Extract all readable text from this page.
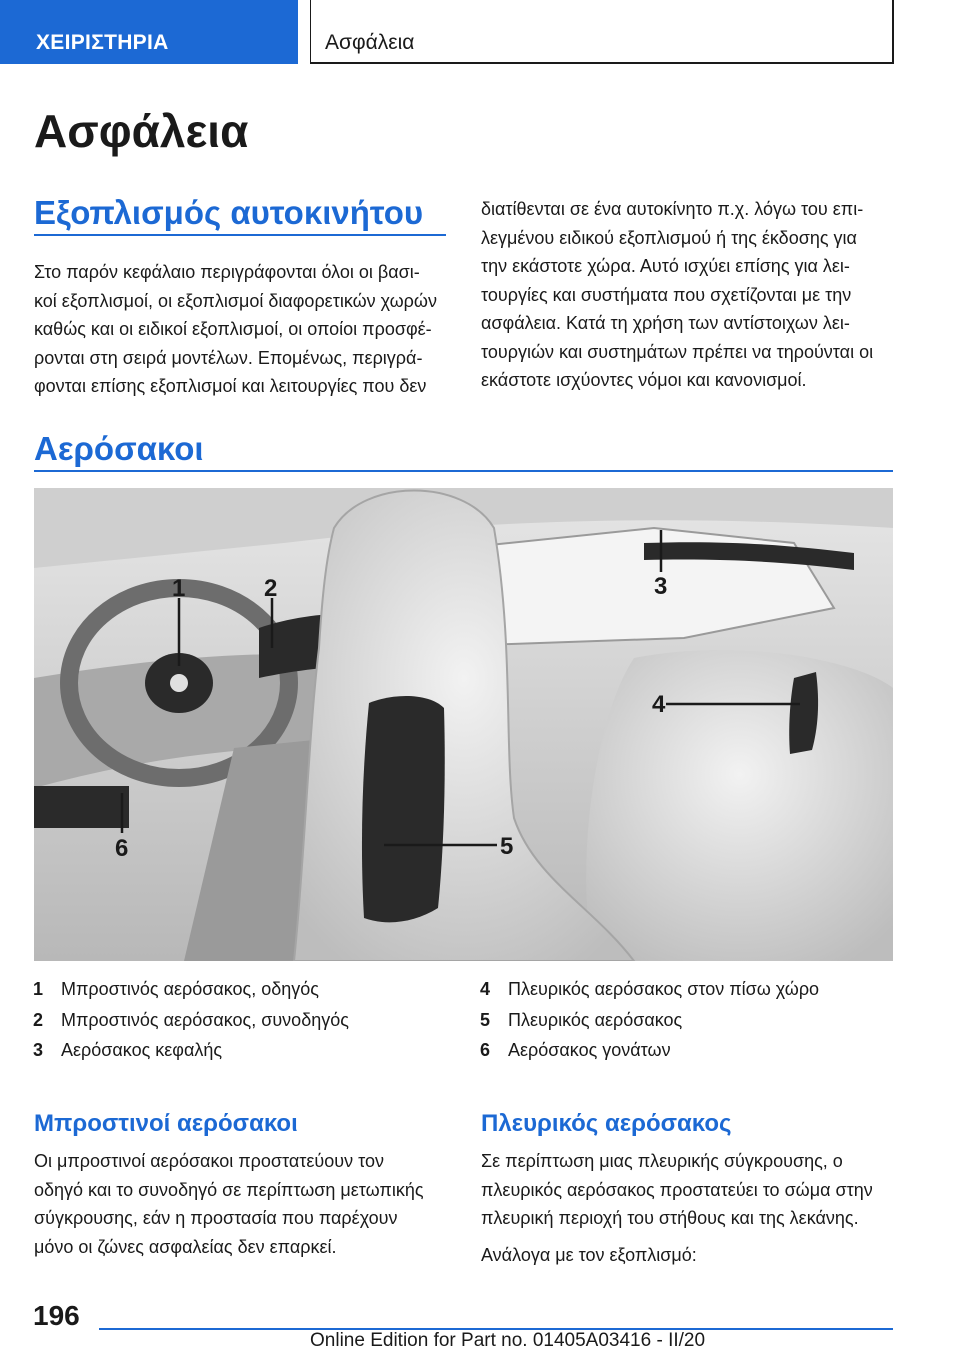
ΧΕΙΡΙΣΤΗΡΙΑ	Ασφάλεια
Ασφάλεια
Εξοπλισμός αυτοκινήτου
Στο παρόν κεφάλαιο περιγράφονται όλοι οι βασι-
κοί εξοπλισμοί, οι εξοπλισμοί διαφορετικών χωρών
καθώς και οι ειδικοί εξοπλισμοί, οι οποίοι προσφέ-
ρονται στη σειρά μοντέλων. Επομένως, περιγρά-
φονται επίσης εξοπλισμοί και λειτουργίες που δεν
διατίθενται σε ένα αυτοκίνητο π.χ. λόγω του επι-
λεγμένου ειδικού εξοπλισμού ή της έκδοσης για
την εκάστοτε χώρα. Αυτό ισχύει επίσης για λει-
τουργίες και συστήματα που σχετίζονται με την
ασφάλεια. Κατά τη χρήση των αντίστοιχων λει-
τουργιών και συστημάτων πρέπει να τηρούνται οι
εκάστοτε ισχύοντες νόμοι και κανονισμοί.
Αερόσακοι
1	2	3
4
5
6
1 Μπροστινός αερόσακος, οδηγός
2 Μπροστινός αερόσακος, συνοδηγός
3 Αερόσακος κεφαλής
4 Πλευρικός αερόσακος στον πίσω χώρο
5 Πλευρικός αερόσακος
6 Αερόσακος γονάτων
Μπροστινοί αερόσακοι
Οι μπροστινοί αερόσακοι προστατεύουν τον
οδηγό και το συνοδηγό σε περίπτωση μετωπικής
σύγκρουσης, εάν η προστασία που παρέχουν
μόνο οι ζώνες ασφαλείας δεν επαρκεί.
Πλευρικός αερόσακος
Σε περίπτωση μιας πλευρικής σύγκρουσης, ο
πλευρικός αερόσακος προστατεύει το σώμα στην
πλευρική περιοχή του στήθους και της λεκάνης.
Ανάλογα με τον εξοπλισμό:
196
Online Edition for Part no. 01405A03416 - II/20
